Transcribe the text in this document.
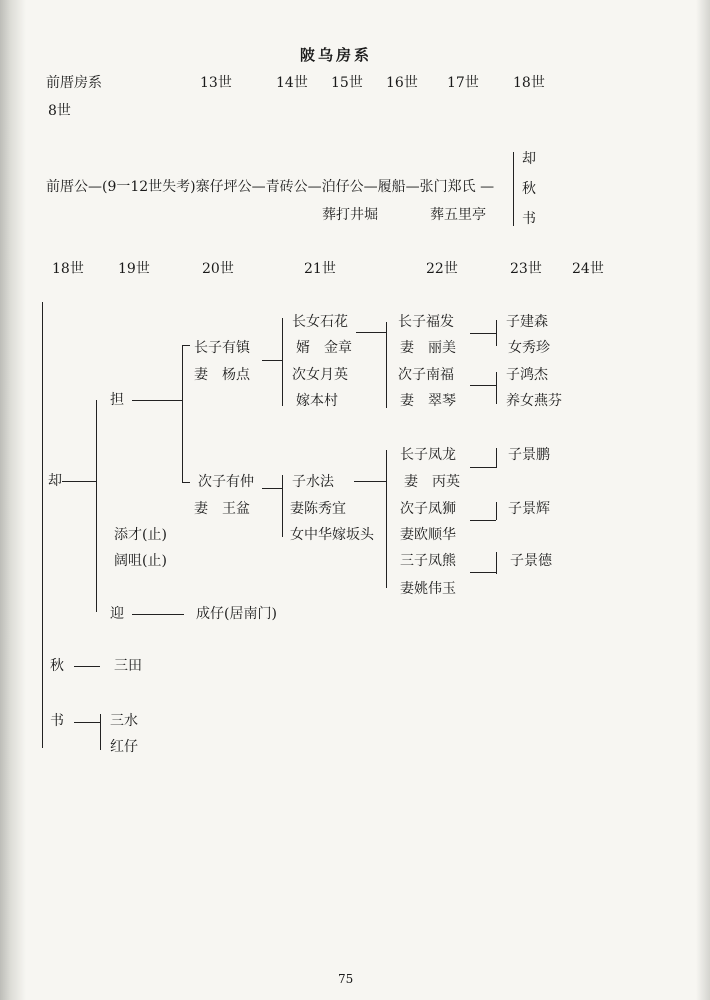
陂乌房系
前厝房系	13世	14世 15世 16世 17世 18世
8世
前厝公—(9一12世失考)寨仔坪公—青砖公—泊仔公—履船—张门郑氏 —
葬打井堀	葬五里亭
却
秋
书
18世 19世	20世	21世	22世	23世 24世
却
担
长子有镇
妻　杨点
长女石花
婿　金章
次女月英
嫁本村
长子福发
妻　丽美
次子南福
妻　翠琴
子建森
女秀珍
子鸿杰
养女燕芬
次子有仲
妻　王盆
子水法
妻陈秀宜
女中华嫁坂头
长子凤龙
妻　丙英
次子凤狮
妻欧顺华
三子凤熊
妻姚伟玉
子景鹏
子景辉
子景德
添才(止)
阔咀(止)
迎	成仔(居南门)
秋	三田
书	三水
红仔
75
